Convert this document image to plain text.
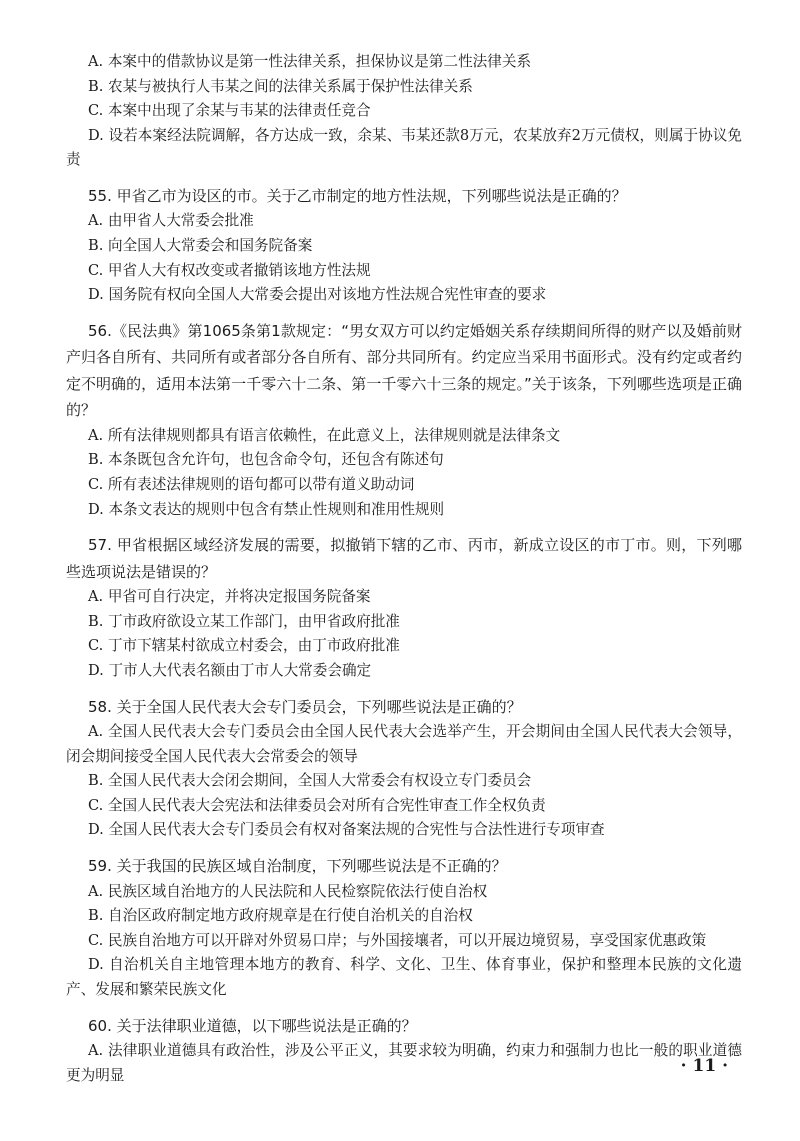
A. 本案中的借款协议是第一性法律关系，担保协议是第二性法律关系

B. 农某与被执行人韦某之间的法律关系属于保护性法律关系

C. 本案中出现了余某与韦某的法律责任竞合

D. 设若本案经法院调解，各方达成一致，余某、韦某还款8万元，农某放弃2万元债权，则属于协议免责

55. 甲省乙市为设区的市。关于乙市制定的地方性法规，下列哪些说法是正确的？

A. 由甲省人大常委会批准

B. 向全国人大常委会和国务院备案

C. 甲省人大有权改变或者撤销该地方性法规

D. 国务院有权向全国人大常委会提出对该地方性法规合宪性审查的要求

56.《民法典》第1065条第1款规定：“男女双方可以约定婚姻关系存续期间所得的财产以及婚前财产归各自所有、共同所有或者部分各自所有、部分共同所有。约定应当采用书面形式。没有约定或者约定不明确的，适用本法第一千零六十二条、第一千零六十三条的规定。”关于该条，下列哪些选项是正确的？

A. 所有法律规则都具有语言依赖性，在此意义上，法律规则就是法律条文

B. 本条既包含允许句，也包含命令句，还包含有陈述句

C. 所有表述法律规则的语句都可以带有道义助动词

D. 本条文表达的规则中包含有禁止性规则和准用性规则

57. 甲省根据区域经济发展的需要，拟撤销下辖的乙市、丙市，新成立设区的市丁市。则，下列哪些选项说法是错误的？

A. 甲省可自行决定，并将决定报国务院备案

B. 丁市政府欲设立某工作部门，由甲省政府批准

C. 丁市下辖某村欲成立村委会，由丁市政府批准

D. 丁市人大代表名额由丁市人大常委会确定

58. 关于全国人民代表大会专门委员会，下列哪些说法是正确的？

A. 全国人民代表大会专门委员会由全国人民代表大会选举产生，开会期间由全国人民代表大会领导，闭会期间接受全国人民代表大会常委会的领导

B. 全国人民代表大会闭会期间，全国人大常委会有权设立专门委员会

C. 全国人民代表大会宪法和法律委员会对所有合宪性审查工作全权负责

D. 全国人民代表大会专门委员会有权对备案法规的合宪性与合法性进行专项审查

59. 关于我国的民族区域自治制度，下列哪些说法是不正确的？

A. 民族区域自治地方的人民法院和人民检察院依法行使自治权

B. 自治区政府制定地方政府规章是在行使自治机关的自治权

C. 民族自治地方可以开辟对外贸易口岸；与外国接壤者，可以开展边境贸易，享受国家优惠政策

D. 自治机关自主地管理本地方的教育、科学、文化、卫生、体育事业，保护和整理本民族的文化遗产、发展和繁荣民族文化

60. 关于法律职业道德，以下哪些说法是正确的？

A. 法律职业道德具有政治性，涉及公平正义，其要求较为明确，约束力和强制力也比一般的职业道德更为明显	· 11 ·
